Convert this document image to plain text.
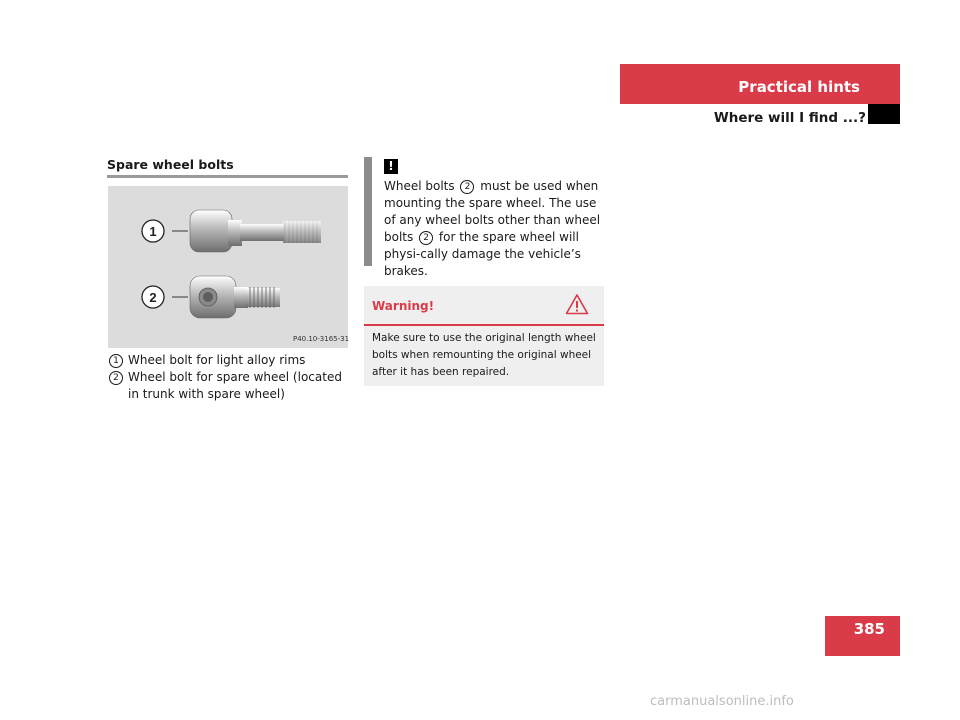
Practical hints
Where will I find ...?
Spare wheel bolts
1
2
P40.10-3165-31
1 Wheel bolt for light alloy rims
2 Wheel bolt for spare wheel (located in trunk with spare wheel)
!
Wheel bolts 2 must be used when mounting the spare wheel. The use of any wheel bolts other than wheel bolts 2 for the spare wheel will physi-cally damage the vehicle’s brakes.
Warning!
Make sure to use the original length wheel bolts when remounting the original wheel after it has been repaired.
385
carmanualsonline.info
